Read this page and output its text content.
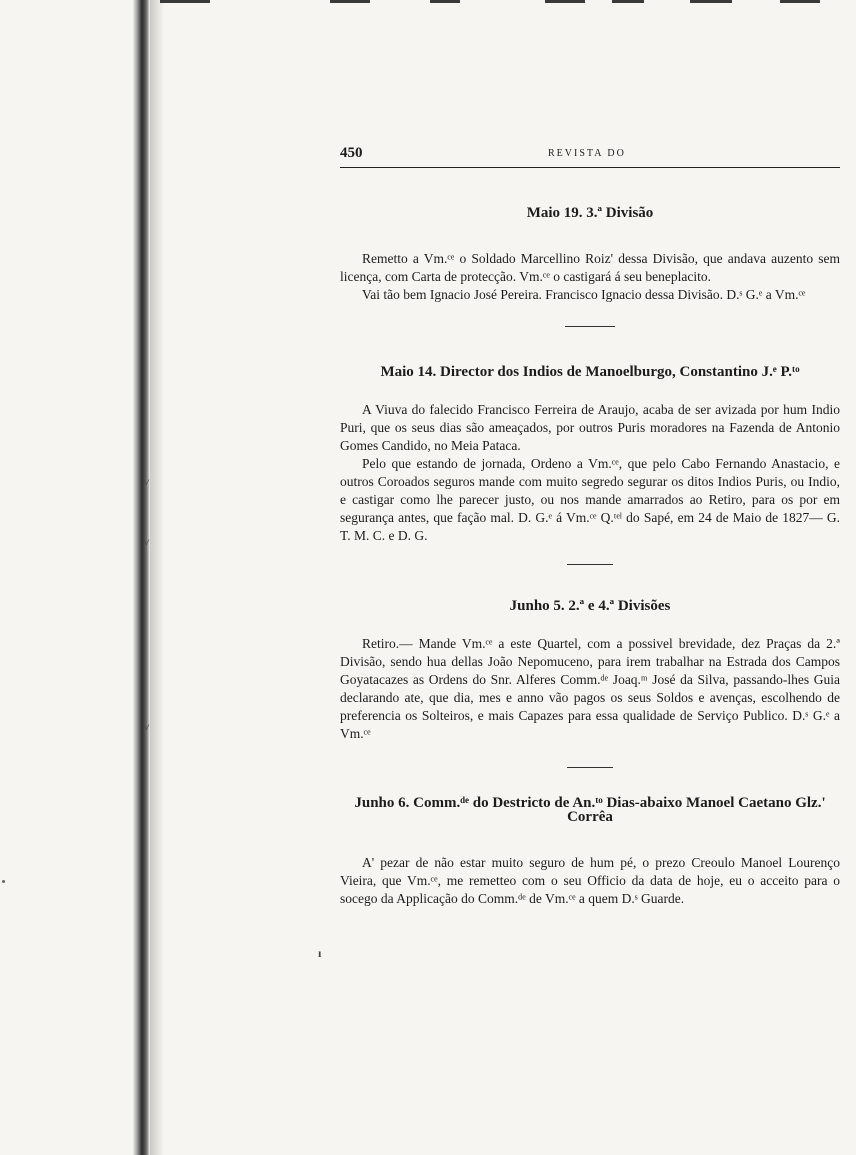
˅
˅
˅
ı
450	REVISTA DO
Maio 19. 3.ª Divisão

Remetto a Vm.ᶜᵉ o Soldado Marcellino Roiz' dessa Divisão, que andava auzento sem licença, com Carta de protecção. Vm.ᶜᵉ o castigará á seu beneplacito.

Vai tão bem Ignacio José Pereira. Francisco Ignacio dessa Divisão. D.ˢ G.ᵉ a Vm.ᶜᵉ

Maio 14. Director dos Indios de Manoelburgo, Constantino J.ᵉ P.ᵗᵒ

A Viuva do falecido Francisco Ferreira de Araujo, acaba de ser avizada por hum Indio Puri, que os seus dias são ameaçados, por outros Puris moradores na Fazenda de Antonio Gomes Candido, no Meia Pataca.

Pelo que estando de jornada, Ordeno a Vm.ᶜᵉ, que pelo Cabo Fernando Anastacio, e outros Coroados seguros mande com muito segredo segurar os ditos Indios Puris, ou Indio, e castigar como lhe parecer justo, ou nos mande amarrados ao Retiro, para os por em segurança antes, que fação mal. D. G.ᵉ á Vm.ᶜᵉ Q.ᵗᵉˡ do Sapé, em 24 de Maio de 1827— G. T. M. C. e D. G.

Junho 5. 2.ª e 4.ª Divisões

Retiro.— Mande Vm.ᶜᵉ a este Quartel, com a possivel brevidade, dez Praças da 2.ª Divisão, sendo hua dellas João Nepomuceno, para irem trabalhar na Estrada dos Campos Goyatacazes as Ordens do Snr. Alferes Comm.ᵈᵉ Joaq.ᵐ José da Silva, passando-lhes Guia declarando ate, que dia, mes e anno vão pagos os seus Soldos e avenças, escolhendo de preferencia os Solteiros, e mais Capazes para essa qualidade de Serviço Publico. D.ˢ G.ᵉ a Vm.ᶜᵉ

Junho 6. Comm.ᵈᵉ do Destricto de An.ᵗᵒ Dias-abaixo Manoel Caetano Glz.' Corrêa

A' pezar de não estar muito seguro de hum pé, o prezo Creoulo Manoel Lourenço Vieira, que Vm.ᶜᵉ, me remetteo com o seu Officio da data de hoje, eu o acceito para o socego da Applicação do Comm.ᵈᵉ de Vm.ᶜᵉ a quem D.ˢ Guarde.
